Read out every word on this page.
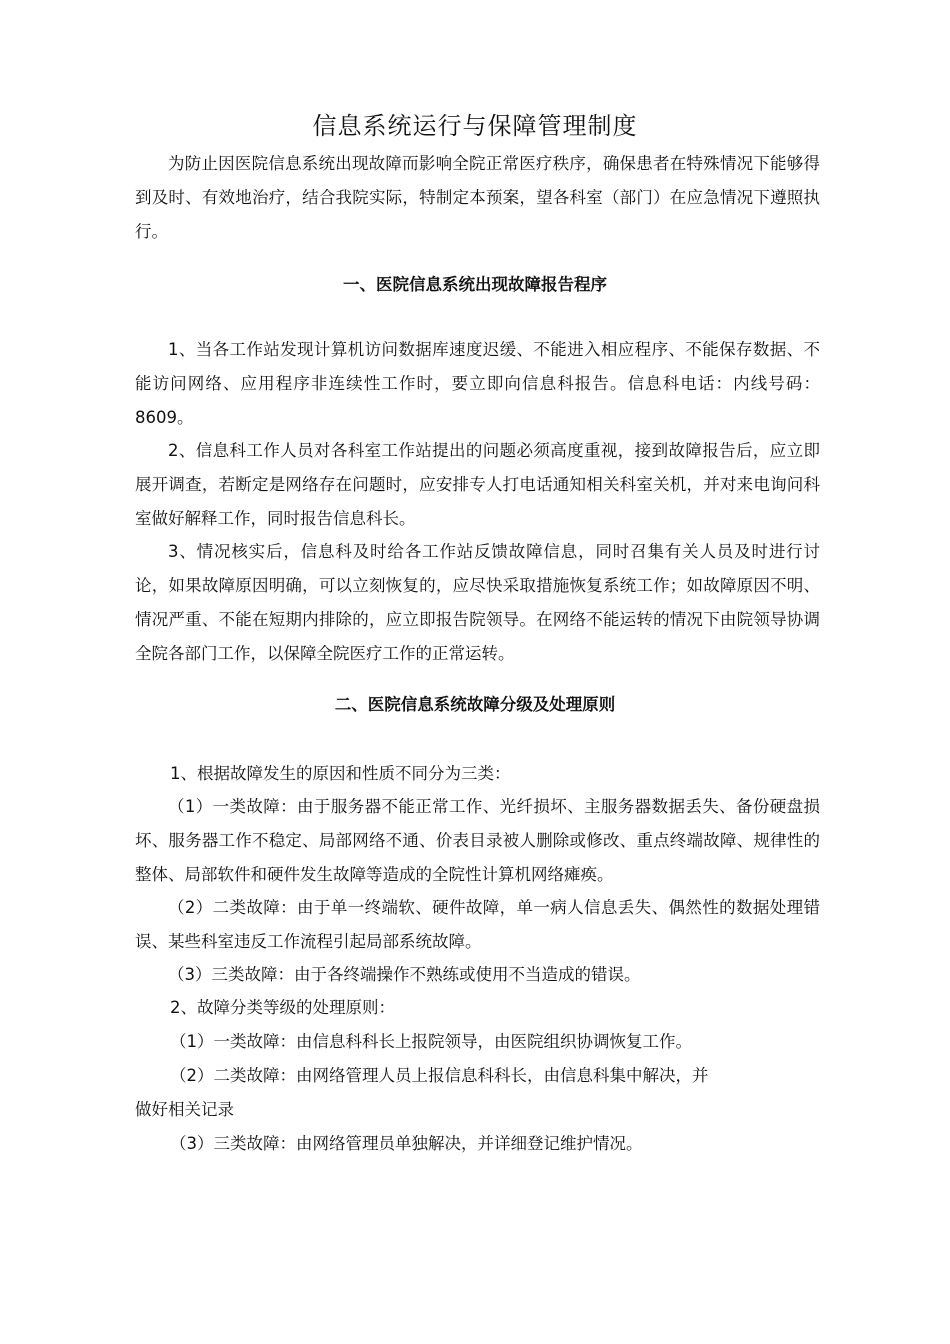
信息系统运行与保障管理制度

为防止因医院信息系统出现故障而影响全院正常医疗秩序，确保患者在特殊情况下能够得到及时、有效地治疗，结合我院实际，特制定本预案，望各科室（部门）在应急情况下遵照执行。

一、医院信息系统出现故障报告程序

1、当各工作站发现计算机访问数据库速度迟缓、不能进入相应程序、不能保存数据、不能访问网络、应用程序非连续性工作时，要立即向信息科报告。信息科电话：内线号码：8609。

2、信息科工作人员对各科室工作站提出的问题必须高度重视，接到故障报告后，应立即展开调查，若断定是网络存在问题时，应安排专人打电话通知相关科室关机，并对来电询问科室做好解释工作，同时报告信息科长。

3、情况核实后，信息科及时给各工作站反馈故障信息，同时召集有关人员及时进行讨论，如果故障原因明确，可以立刻恢复的，应尽快采取措施恢复系统工作；如故障原因不明、情况严重、不能在短期内排除的，应立即报告院领导。在网络不能运转的情况下由院领导协调全院各部门工作，以保障全院医疗工作的正常运转。

二、医院信息系统故障分级及处理原则
1、根据故障发生的原因和性质不同分为三类：

（1）一类故障：由于服务器不能正常工作、光纤损坏、主服务器数据丢失、备份硬盘损坏、服务器工作不稳定、局部网络不通、价表目录被人删除或修改、重点终端故障、规律性的整体、局部软件和硬件发生故障等造成的全院性计算机网络瘫痪。

（2）二类故障：由于单一终端软、硬件故障，单一病人信息丢失、偶然性的数据处理错误、某些科室违反工作流程引起局部系统故障。

（3）三类故障：由于各终端操作不熟练或使用不当造成的错误。

2、故障分类等级的处理原则：
（1）一类故障：由信息科科长上报院领导，由医院组织协调恢复工作。
（2）二类故障：由网络管理人员上报信息科科长，由信息科集中解决，并
做好相关记录
（3）三类故障：由网络管理员单独解决，并详细登记维护情况。
